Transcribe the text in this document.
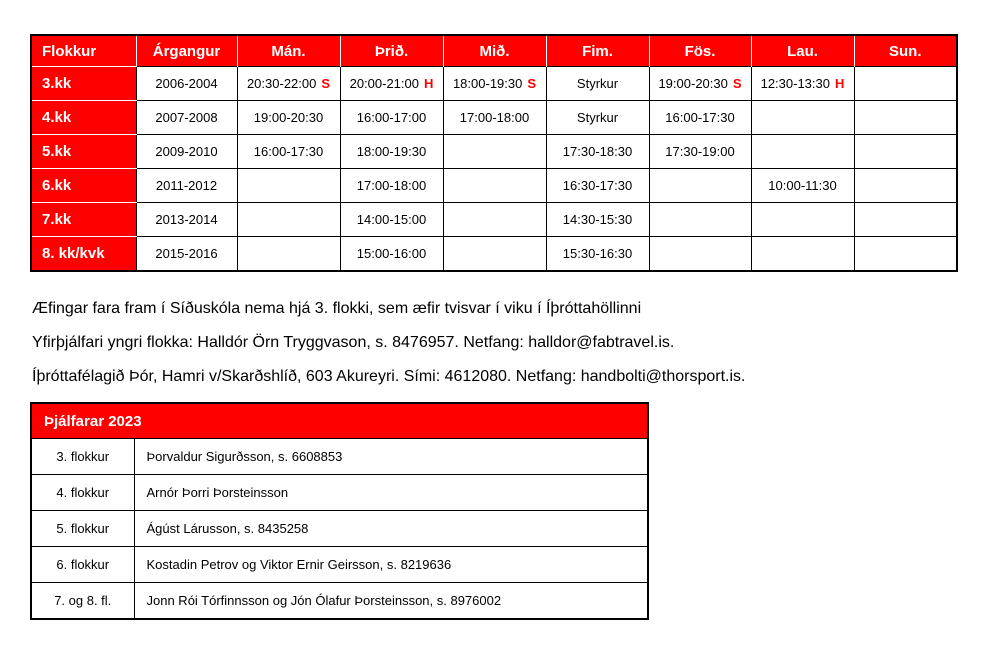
Flokkur	Árgangur	Mán.	Þrið.	Mið.	Fim.	Fös.	Lau.	Sun.
3.kk	2006-2004	20:30-22:00 S	20:00-21:00 H	18:00-19:30 S	Styrkur	19:00-20:30 S	12:30-13:30 H	
4.kk	2007-2008	19:00-20:30	16:00-17:00	17:00-18:00	Styrkur	16:00-17:30		
5.kk	2009-2010	16:00-17:30	18:00-19:30		17:30-18:30	17:30-19:00		
6.kk	2011-2012		17:00-18:00		16:30-17:30		10:00-11:30	
7.kk	2013-2014		14:00-15:00		14:30-15:30			
8. kk/kvk	2015-2016		15:00-16:00		15:30-16:30			
Æfingar fara fram í Síðuskóla nema hjá 3. flokki, sem æfir tvisvar í viku í Íþróttahöllinni
Yfirþjálfari yngri flokka: Halldór Örn Tryggvason, s. 8476957. Netfang: halldor@fabtravel.is.
Íþróttafélagið Þór, Hamri v/Skarðshlíð, 603 Akureyri. Sími: 4612080. Netfang: handbolti@thorsport.is.
Þjálfarar 2023	
3. flokkur	Þorvaldur Sigurðsson, s. 6608853
4. flokkur	Arnór Þorri Þorsteinsson
5. flokkur	Ágúst Lárusson, s. 8435258
6. flokkur	Kostadin Petrov og Viktor Ernir Geirsson, s. 8219636
7. og 8. fl.	Jonn Rói Tórfinnsson og Jón Ólafur Þorsteinsson, s. 8976002
